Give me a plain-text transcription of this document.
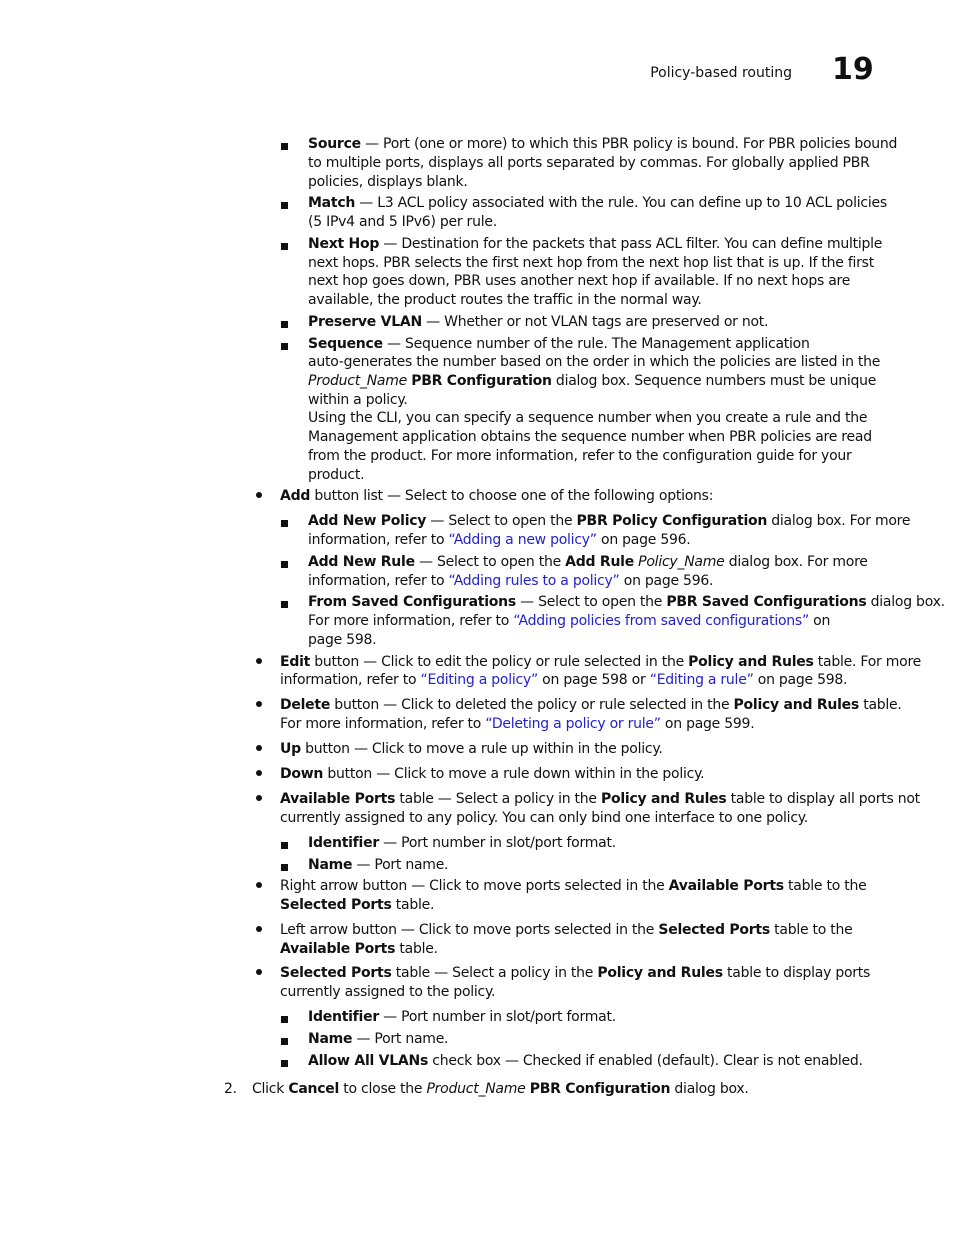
Policy-based routing 19
Source — Port (one or more) to which this PBR policy is bound. For PBR policies bound
to multiple ports, displays all ports separated by commas. For globally applied PBR
policies, displays blank.
Match — L3 ACL policy associated with the rule. You can define up to 10 ACL policies
(5 IPv4 and 5 IPv6) per rule.
Next Hop — Destination for the packets that pass ACL filter. You can define multiple
next hops. PBR selects the first next hop from the next hop list that is up. If the first
next hop goes down, PBR uses another next hop if available. If no next hops are
available, the product routes the traffic in the normal way.
Preserve VLAN — Whether or not VLAN tags are preserved or not.
Sequence — Sequence number of the rule. The Management application
auto-generates the number based on the order in which the policies are listed in the
Product_Name PBR Configuration dialog box. Sequence numbers must be unique
within a policy.
Using the CLI, you can specify a sequence number when you create a rule and the
Management application obtains the sequence number when PBR policies are read
from the product. For more information, refer to the configuration guide for your
product.
Add button list — Select to choose one of the following options:
Add New Policy — Select to open the PBR Policy Configuration dialog box. For more
information, refer to “Adding a new policy” on page 596.
Add New Rule — Select to open the Add Rule Policy_Name dialog box. For more
information, refer to “Adding rules to a policy” on page 596.
From Saved Configurations — Select to open the PBR Saved Configurations dialog box.
For more information, refer to “Adding policies from saved configurations” on
page 598.
Edit button — Click to edit the policy or rule selected in the Policy and Rules table. For more
information, refer to “Editing a policy” on page 598 or “Editing a rule” on page 598.
Delete button — Click to deleted the policy or rule selected in the Policy and Rules table.
For more information, refer to “Deleting a policy or rule” on page 599.
Up button — Click to move a rule up within in the policy.
Down button — Click to move a rule down within in the policy.
Available Ports table — Select a policy in the Policy and Rules table to display all ports not
currently assigned to any policy. You can only bind one interface to one policy.
Identifier — Port number in slot/port format.
Name — Port name.
Right arrow button — Click to move ports selected in the Available Ports table to the
Selected Ports table.
Left arrow button — Click to move ports selected in the Selected Ports table to the
Available Ports table.
Selected Ports table — Select a policy in the Policy and Rules table to display ports
currently assigned to the policy.
Identifier — Port number in slot/port format.
Name — Port name.
Allow All VLANs check box — Checked if enabled (default). Clear is not enabled.
2. Click Cancel to close the Product_Name PBR Configuration dialog box.
